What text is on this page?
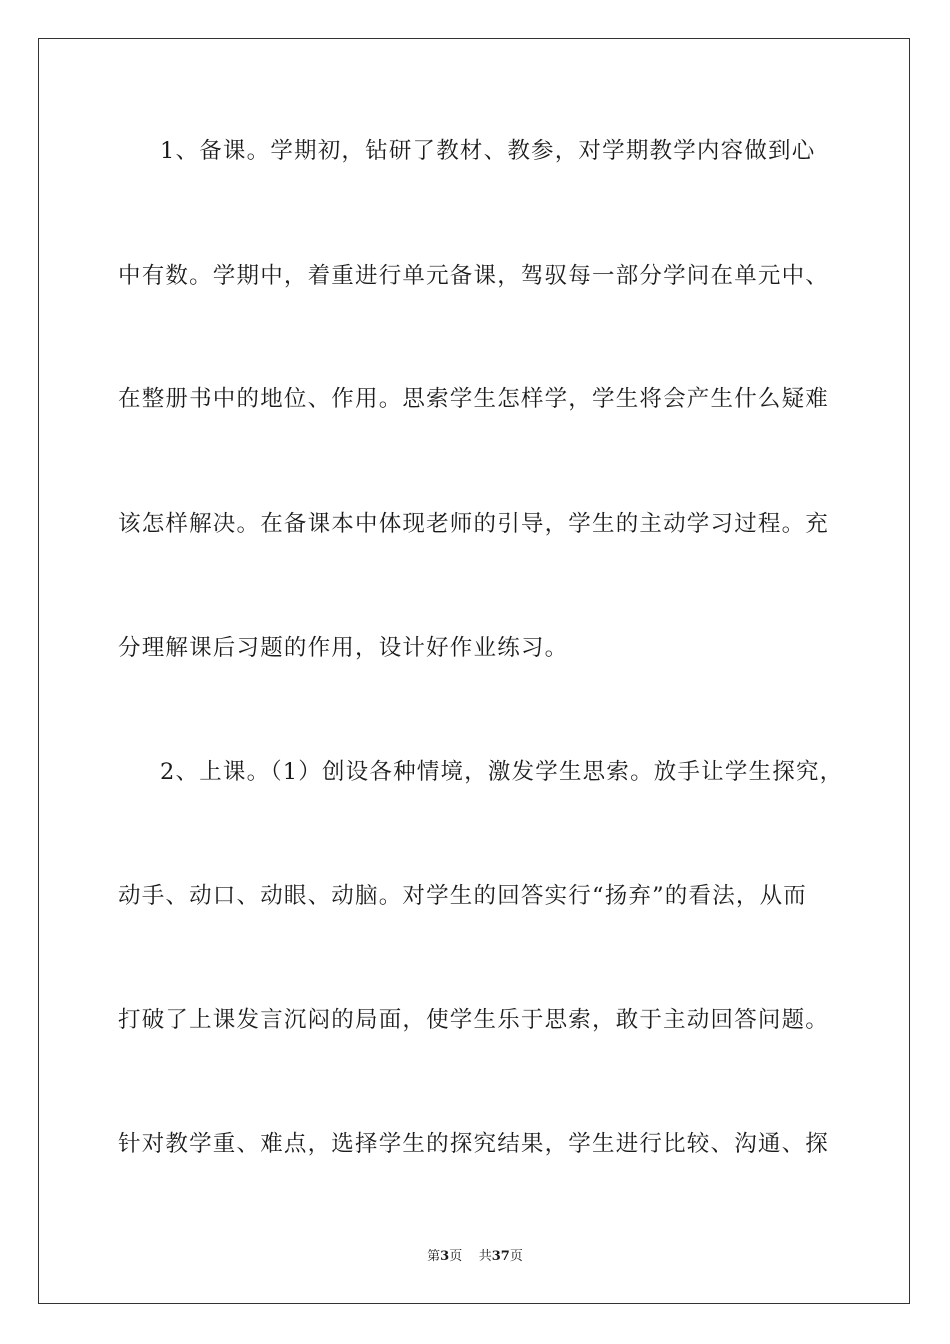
1、备课。学期初，钻研了教材、教参，对学期教学内容做到心
中有数。学期中，着重进行单元备课，驾驭每一部分学问在单元中、
在整册书中的地位、作用。思索学生怎样学，学生将会产生什么疑难
该怎样解决。在备课本中体现老师的引导，学生的主动学习过程。充
分理解课后习题的作用，设计好作业练习。
2、上课。（1）创设各种情境，激发学生思索。放手让学生探究，
动手、动口、动眼、动脑。对学生的回答实行“扬弃”的看法，从而
打破了上课发言沉闷的局面，使学生乐于思索，敢于主动回答问题。
针对教学重、难点，选择学生的探究结果，学生进行比较、沟通、探
第3页 共37页
